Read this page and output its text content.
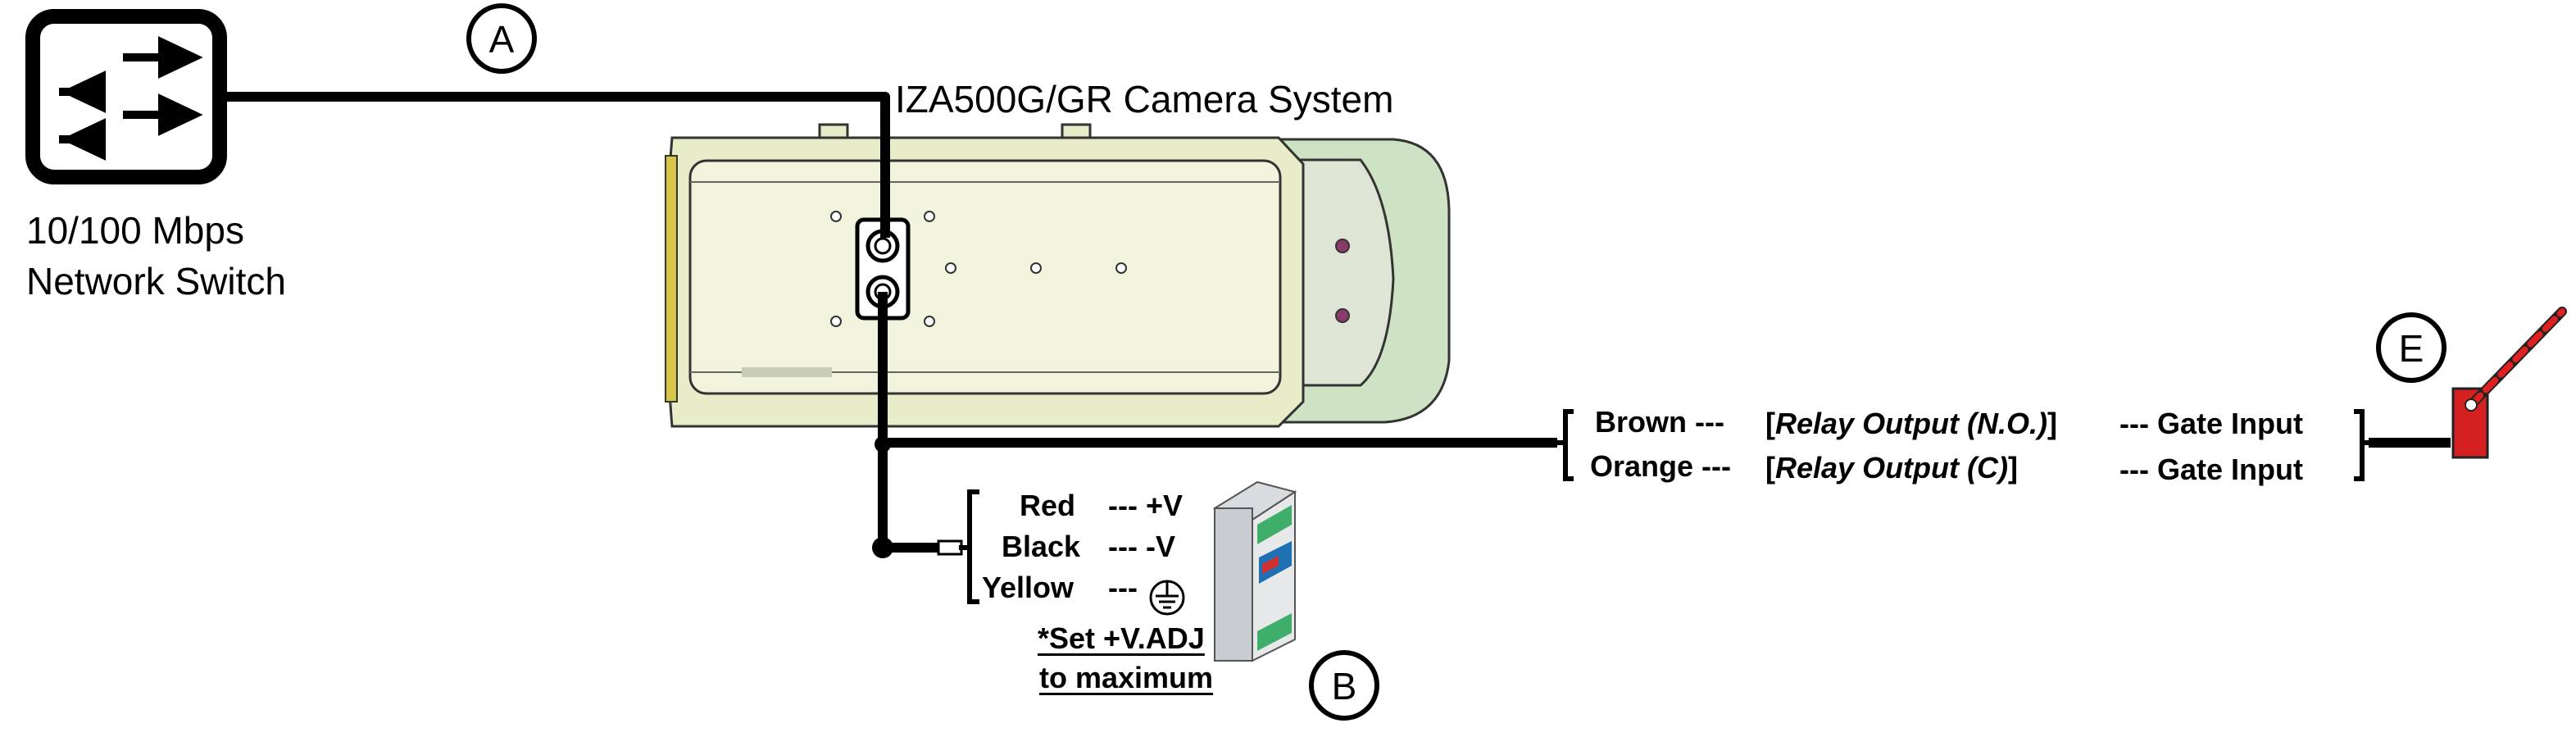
A
B
E
10/100 Mbps
Network Switch
IZA500G/GR Camera System
Brown ---
Orange ---
[Relay Output (N.O.)]
[Relay Output (C)]
--- Gate Input
--- Gate Input
Red
Black
Yellow
--- +V
--- -V
---
*Set +V.ADJ
to maximum
